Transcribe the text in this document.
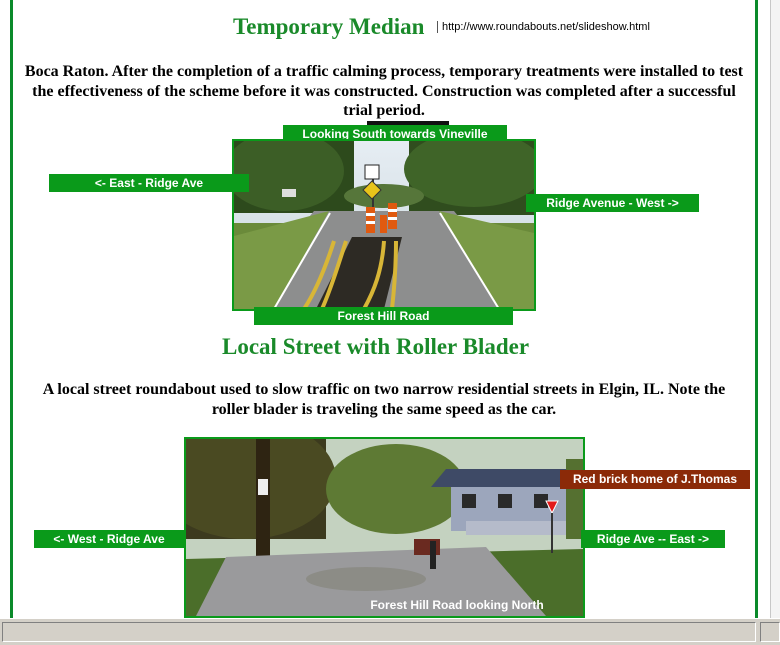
Temporary Median	http://www.roundabouts.net/slideshow.html
Boca Raton. After the completion of a traffic calming process, temporary treatments were installed to test the effectiveness of the scheme before it was constructed. Construction was completed after a successful trial period.
Looking South towards Vineville
<- East - Ridge Ave
Ridge Avenue - West ->
Forest Hill Road
Local Street with Roller Blader
A local street roundabout used to slow traffic on two narrow residential streets in Elgin, IL. Note the roller blader is traveling the same speed as the car.
Red brick home of J.Thomas
<- West - Ridge Ave	Ridge Ave -- East ->
Forest Hill Road looking North
